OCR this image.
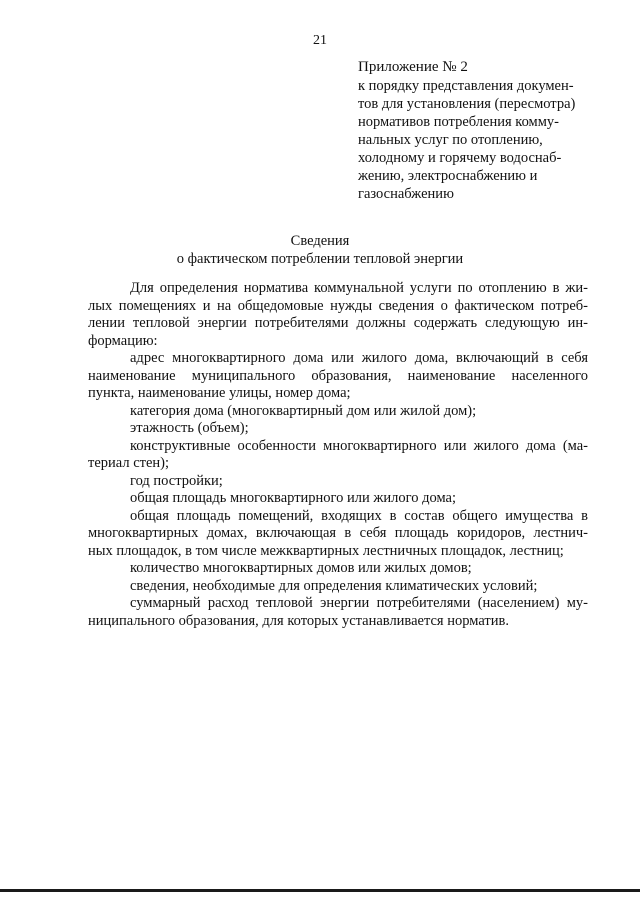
21
Приложение № 2
к порядку представления докумен-
тов для установления (пересмотра)
нормативов потребления комму-
нальных услуг по отоплению,
холодному и горячему водоснаб-
жению, электроснабжению и
газоснабжению
Сведения
о фактическом потреблении тепловой энергии
Для определения норматива коммунальной услуги по отоплению в жи-
лых помещениях и на общедомовые нужды сведения о фактическом потреб-
лении тепловой энергии потребителями должны содержать следующую ин-
формацию:
адрес многоквартирного дома или жилого дома, включающий в себя
наименование муниципального образования, наименование населенного
пункта, наименование улицы, номер дома;
категория дома (многоквартирный дом или жилой дом);
этажность (объем);
конструктивные особенности многоквартирного или жилого дома (ма-
териал стен);
год постройки;
общая площадь многоквартирного или жилого дома;
общая площадь помещений, входящих в состав общего имущества в
многоквартирных домах, включающая в себя площадь коридоров, лестнич-
ных площадок, в том числе межквартирных лестничных площадок, лестниц;
количество многоквартирных домов или жилых домов;
сведения, необходимые для определения климатических условий;
суммарный расход тепловой энергии потребителями (населением) му-
ниципального образования, для которых устанавливается норматив.
